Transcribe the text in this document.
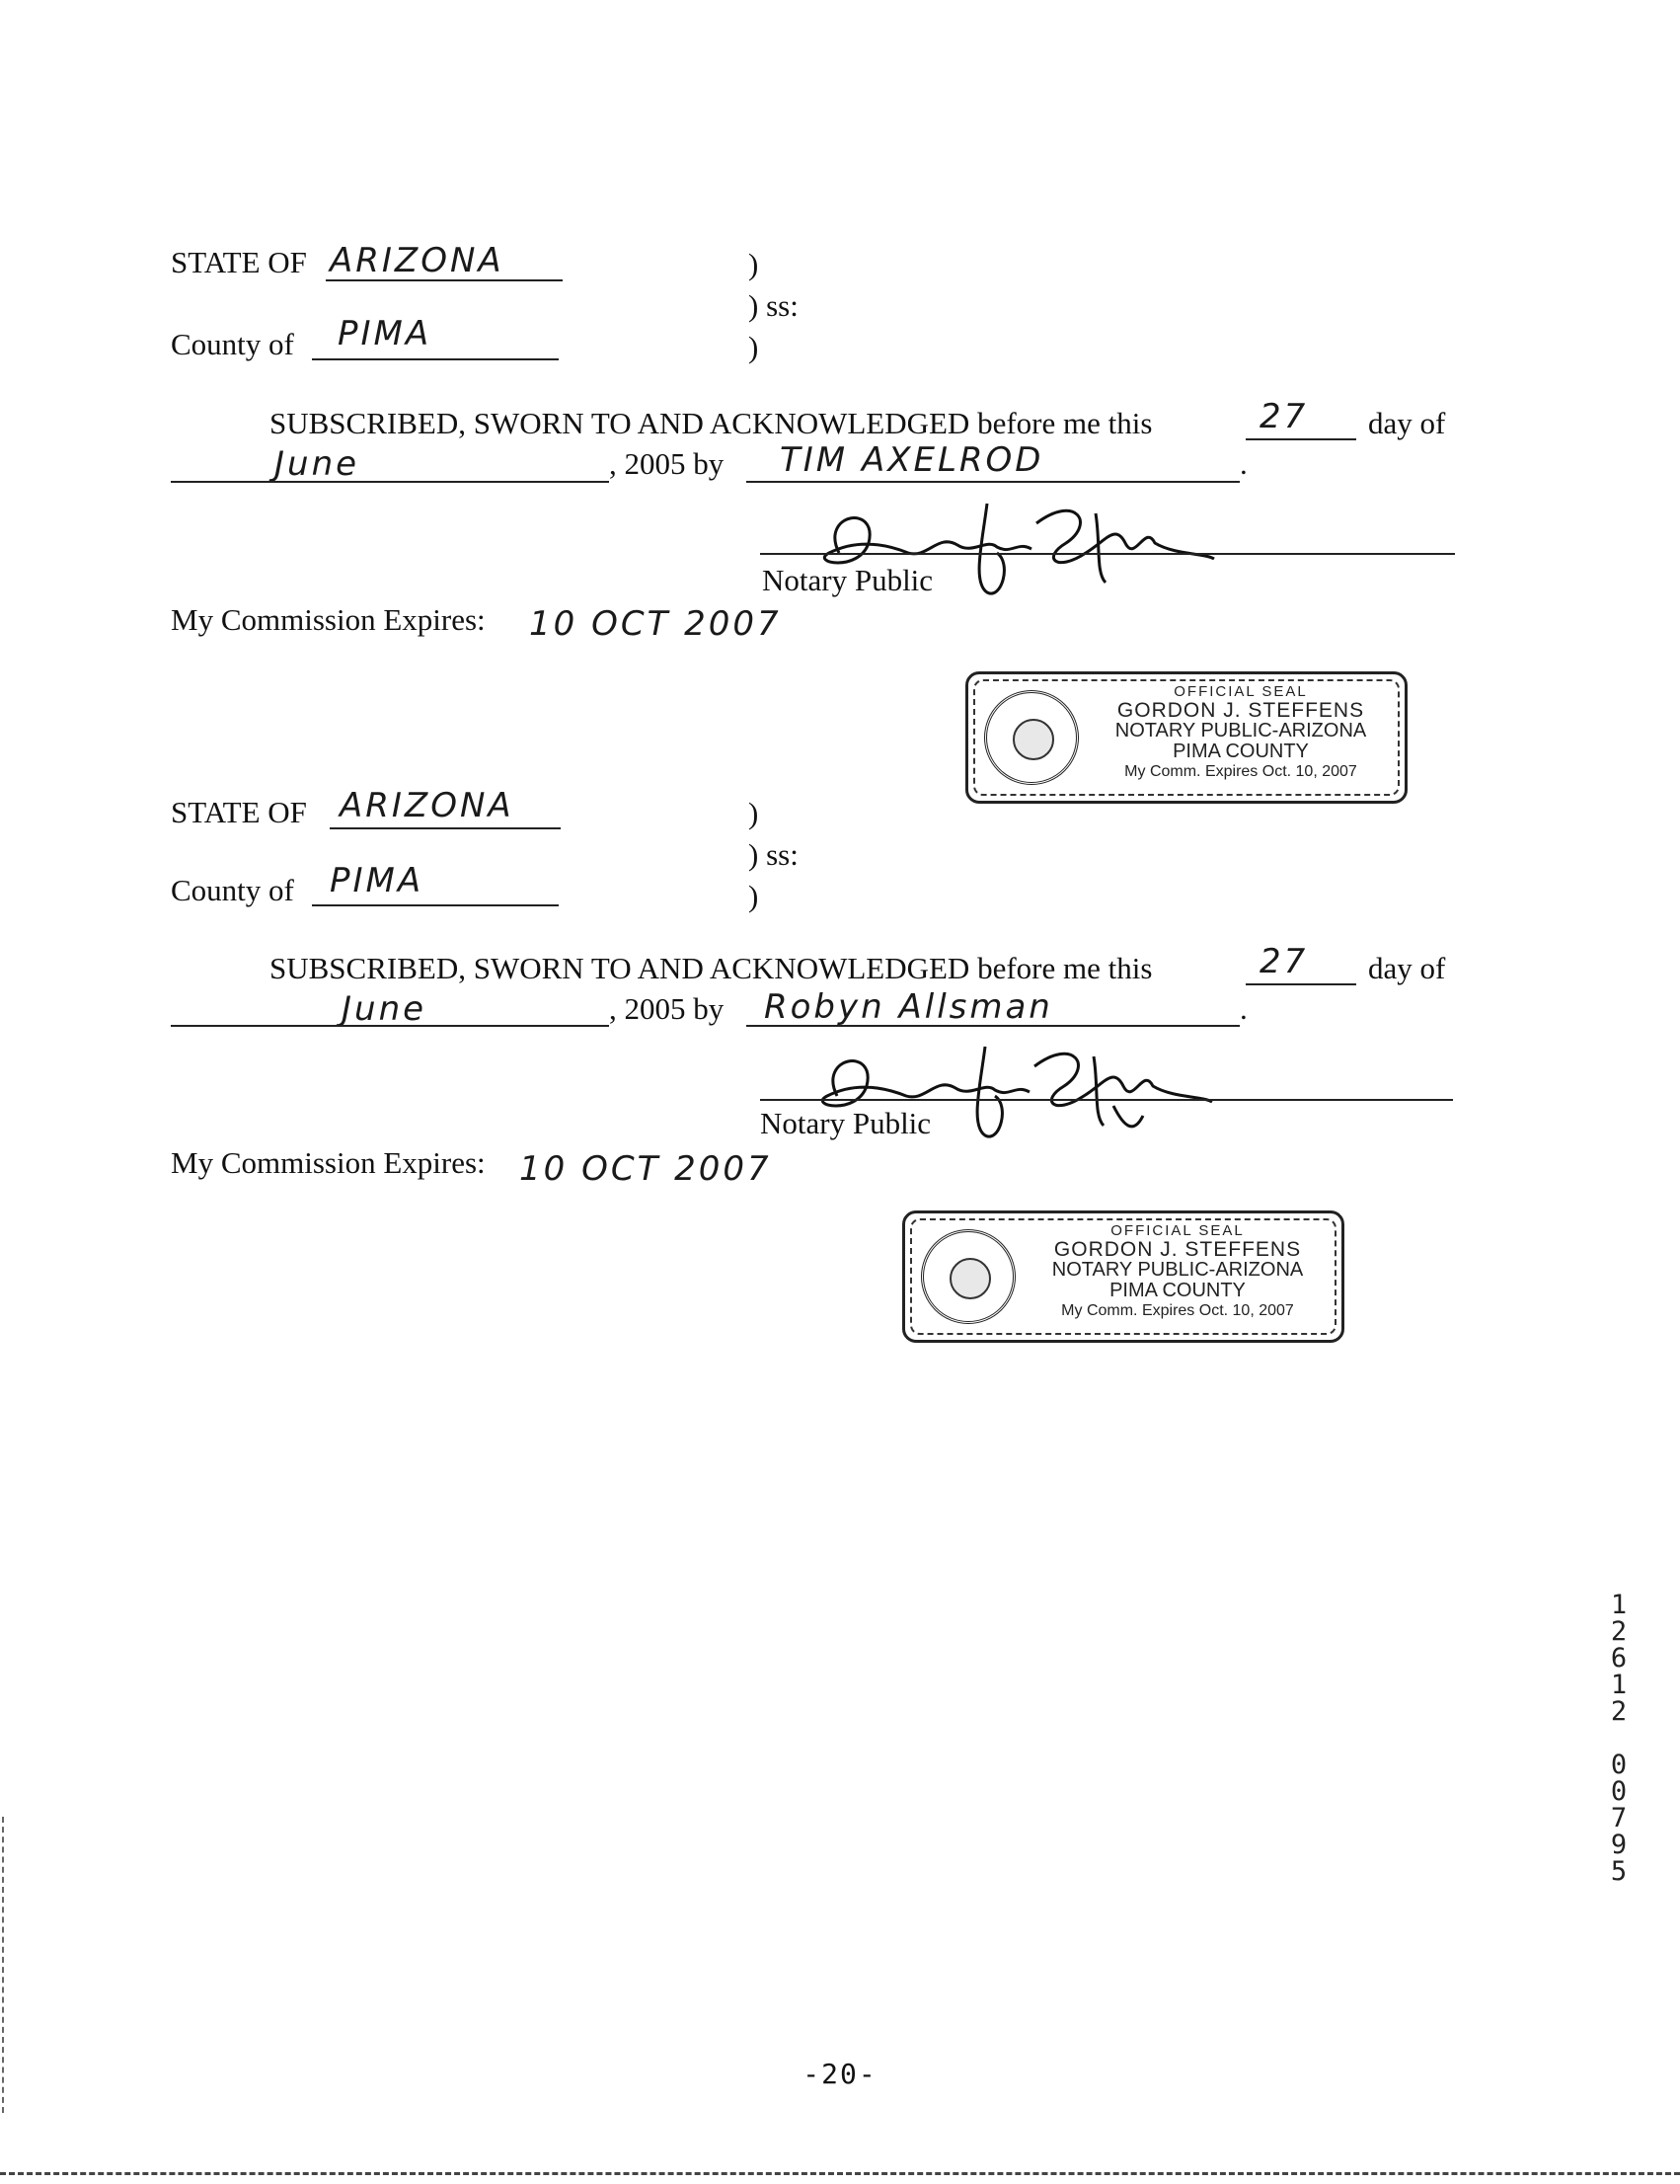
STATE OF ARIZONA	)
) ss:
)
County of PIMA
SUBSCRIBED, SWORN TO AND ACKNOWLEDGED before me this	27 day of
June	, 2005 by TIM AXELROD	.
Notary Public
My Commission Expires: 10 OCT 2007
OFFICIAL SEAL
GORDON J. STEFFENS
NOTARY PUBLIC-ARIZONA
PIMA COUNTY
My Comm. Expires Oct. 10, 2007
STATE OF ARIZONA	)
) ss:
)
County of PIMA
SUBSCRIBED, SWORN TO AND ACKNOWLEDGED before me this	27 day of
June	, 2005 by Robyn Allsman	.
Notary Public
My Commission Expires: 10 OCT 2007
OFFICIAL SEAL
GORDON J. STEFFENS
NOTARY PUBLIC-ARIZONA
PIMA COUNTY
My Comm. Expires Oct. 10, 2007
1
2
6
1
2
0
0
7
9
5
-20-
